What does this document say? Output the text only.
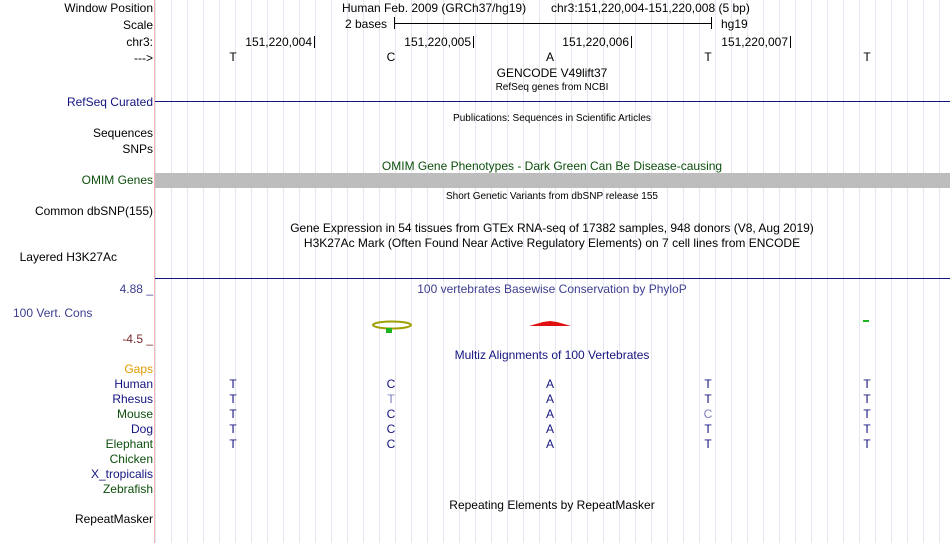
Window Position	Human Feb. 2009 (GRCh37/hg19) chr3:151,220,004-151,220,008 (5 bp)
Scale	2 bases	hg19
chr3:	151,220,004	151,220,005	151,220,006	151,220,007
--->	T	C	A	T	T
GENCODE V49lift37
RefSeq genes from NCBI
RefSeq Curated
Publications: Sequences in Scientific Articles
Sequences
SNPs
OMIM Gene Phenotypes - Dark Green Can Be Disease-causing
OMIM Genes
Short Genetic Variants from dbSNP release 155
Common dbSNP(155)
Gene Expression in 54 tissues from GTEx RNA-seq of 17382 samples, 948 donors (V8, Aug 2019)
H3K27Ac Mark (Often Found Near Active Regulatory Elements) on 7 cell lines from ENCODE
Layered H3K27Ac
4.88 _	100 vertebrates Basewise Conservation by PhyloP
100 Vert. Cons
-4.5 _
Multiz Alignments of 100 Vertebrates
Gaps
Human	T	C	A	T	T
Rhesus	T	T	A	T	T
Mouse	T	C	A	C	T
Dog	T	C	A	T	T
Elephant	T	C	A	T	T
Chicken
X_tropicalis
Zebrafish
Repeating Elements by RepeatMasker
RepeatMasker
